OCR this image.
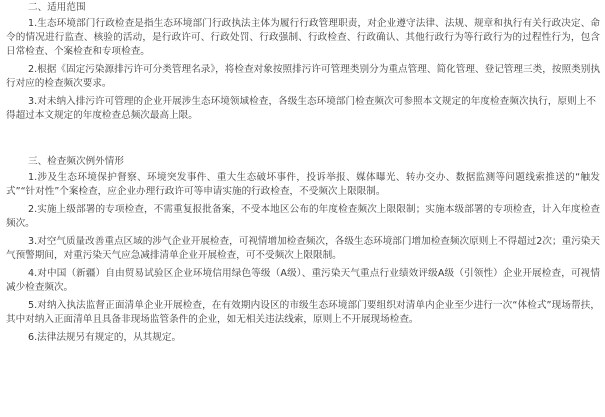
二、适用范围

1.生态环境部门行政检查是指生态环境部门行政执法主体为履行行政管理职责，对企业遵守法律、法规、规章和执行有关行政决定、命令的情况进行监查、核验的活动，是行政许可、行政处罚、行政强制、行政检查、行政确认、其他行政行为等行政行为的过程性行为，包含日常检查、个案检查和专项检查。

2.根据《固定污染源排污许可分类管理名录》，将检查对象按照排污许可管理类别分为重点管理、简化管理、登记管理三类，按照类别执行对应的检查频次要求。

3.对未纳入排污许可管理的企业开展涉生态环境领域检查，各级生态环境部门检查频次可参照本文规定的年度检查频次执行，原则上不得超过本文规定的年度检查总频次最高上限。

三、检查频次例外情形

1.涉及生态环境保护督察、环境突发事件、重大生态破坏事件，投诉举报、媒体曝光、转办交办、数据监测等问题线索推送的“触发式”“针对性”个案检查，应企业办理行政许可等申请实施的行政检查，不受频次上限限制。

2.实施上级部署的专项检查，不需重复报批备案，不受本地区公布的年度检查频次上限限制；实施本级部署的专项检查，计入年度检查频次。

3.对空气质量改善重点区域的涉气企业开展检查，可视情增加检查频次，各级生态环境部门增加检查频次原则上不得超过2次；重污染天气预警期间，对重污染天气应急减排清单企业开展检查，可不受频次上限限制。

4.对中国（新疆）自由贸易试验区企业环境信用绿色等级（A级）、重污染天气重点行业绩效评级A级（引领性）企业开展检查，可视情减少检查频次。

5.对纳入执法监督正面清单企业开展检查，在有效期内设区的市级生态环境部门要组织对清单内企业至少进行一次“体检式”现场帮扶，其中对纳入正面清单且具备非现场监管条件的企业，如无相关违法线索，原则上不开展现场检查。

6.法律法规另有规定的，从其规定。
